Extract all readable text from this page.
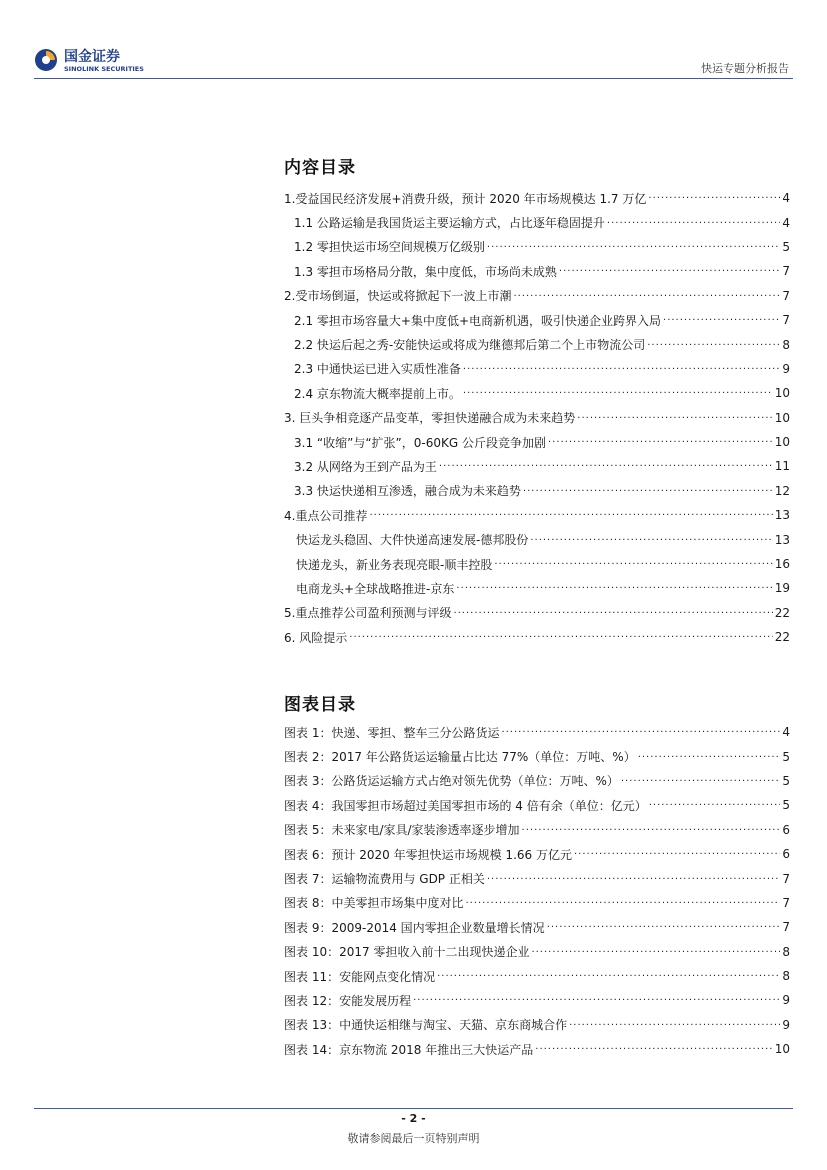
国金证券
SINOLINK SECURITIES	快运专题分析报告
内容目录
1.受益国民经济发展+消费升级，预计 2020 年市场规模达 1.7 万亿 .....	4
1.1 公路运输是我国货运主要运输方式，占比逐年稳固提升 .....	4
1.2 零担快运市场空间规模万亿级别 .....	5
1.3 零担市场格局分散，集中度低，市场尚未成熟 .....	7
2.受市场倒逼，快运或将掀起下一波上市潮 .....	7
2.1 零担市场容量大+集中度低+电商新机遇，吸引快递企业跨界入局 .....	7
2.2 快运后起之秀-安能快运或将成为继德邦后第二个上市物流公司 .....	8
2.3 中通快运已进入实质性准备 .....	9
2.4 京东物流大概率提前上市。 .....	10
3. 巨头争相竞逐产品变革，零担快递融合成为未来趋势 .....	10
3.1 “收缩”与“扩张”，0-60KG 公斤段竞争加剧 .....	10
3.2 从网络为王到产品为王 .....	11
3.3 快运快递相互渗透，融合成为未来趋势 .....	12
4.重点公司推荐 .....	13
快运龙头稳固、大件快递高速发展-德邦股份 .....	13
快递龙头，新业务表现亮眼-顺丰控股 .....	16
电商龙头+全球战略推进-京东 .....	19
5.重点推荐公司盈利预测与评级 .....	22
6. 风险提示 .....	22
图表目录
图表 1：快递、零担、整车三分公路货运 .....	4
图表 2：2017 年公路货运运输量占比达 77%（单位：万吨、%） .....	5
图表 3：公路货运运输方式占绝对领先优势（单位：万吨、%） .....	5
图表 4：我国零担市场超过美国零担市场的 4 倍有余（单位：亿元） .....	5
图表 5：未来家电/家具/家装渗透率逐步增加 .....	6
图表 6：预计 2020 年零担快运市场规模 1.66 万亿元 .....	6
图表 7：运输物流费用与 GDP 正相关 .....	7
图表 8：中美零担市场集中度对比 .....	7
图表 9：2009-2014 国内零担企业数量增长情况 .....	7
图表 10：2017 零担收入前十二出现快递企业 .....	8
图表 11：安能网点变化情况 .....	8
图表 12：安能发展历程 .....	9
图表 13：中通快运相继与淘宝、天猫、京东商城合作 .....	9
图表 14：京东物流 2018 年推出三大快运产品 .....	10
- 2 -
敬请参阅最后一页特别声明
